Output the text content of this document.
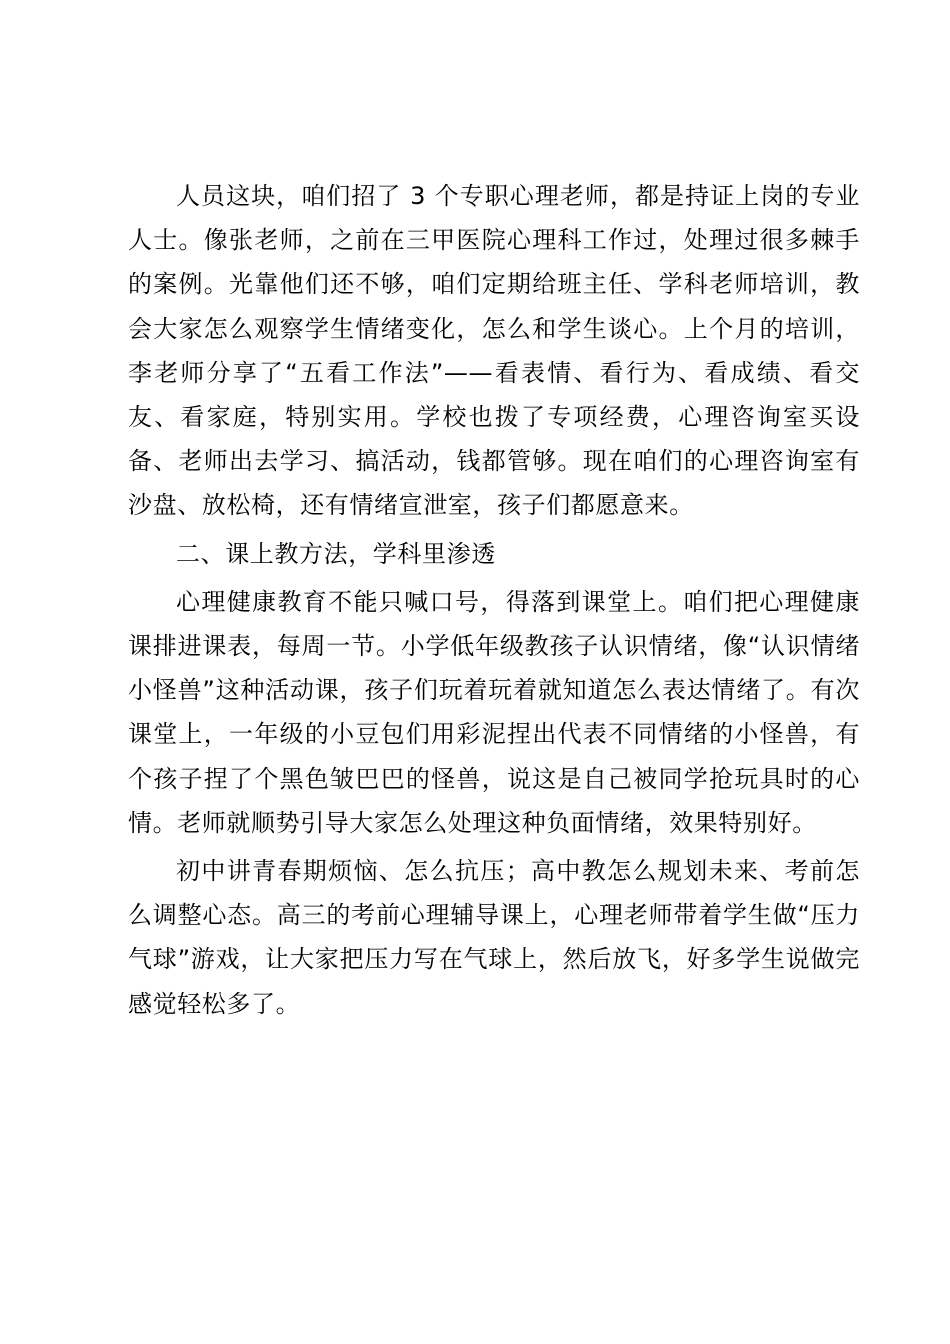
人员这块，咱们招了 3 个专职心理老师，都是持证上岗的专业人士。像张老师，之前在三甲医院心理科工作过，处理过很多棘手的案例。光靠他们还不够，咱们定期给班主任、学科老师培训，教会大家怎么观察学生情绪变化，怎么和学生谈心。上个月的培训，李老师分享了“五看工作法”——看表情、看行为、看成绩、看交友、看家庭，特别实用。学校也拨了专项经费，心理咨询室买设备、老师出去学习、搞活动，钱都管够。现在咱们的心理咨询室有沙盘、放松椅，还有情绪宣泄室，孩子们都愿意来。

二、课上教方法，学科里渗透

心理健康教育不能只喊口号，得落到课堂上。咱们把心理健康课排进课表，每周一节。小学低年级教孩子认识情绪，像“认识情绪小怪兽”这种活动课，孩子们玩着玩着就知道怎么表达情绪了。有次课堂上，一年级的小豆包们用彩泥捏出代表不同情绪的小怪兽，有个孩子捏了个黑色皱巴巴的怪兽，说这是自己被同学抢玩具时的心情。老师就顺势引导大家怎么处理这种负面情绪，效果特别好。

初中讲青春期烦恼、怎么抗压；高中教怎么规划未来、考前怎么调整心态。高三的考前心理辅导课上，心理老师带着学生做“压力气球”游戏，让大家把压力写在气球上，然后放飞，好多学生说做完感觉轻松多了。
